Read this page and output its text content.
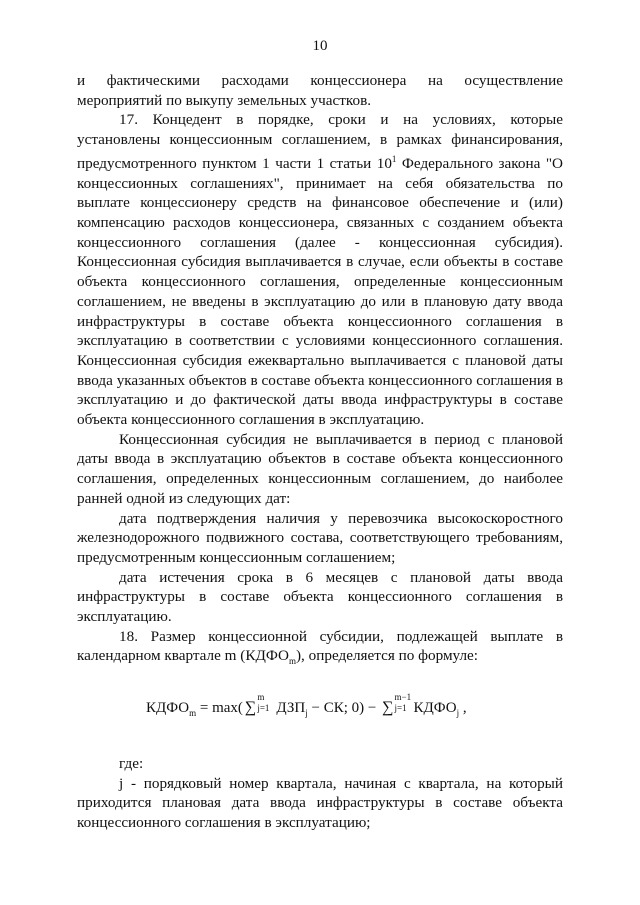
10

и фактическими расходами концессионера на осуществление мероприятий по выкупу земельных участков.

17. Концедент в порядке, сроки и на условиях, которые установлены концессионным соглашением, в рамках финансирования, предусмотренного пунктом 1 части 1 статьи $10^1$ Федерального закона "О концессионных соглашениях", принимает на себя обязательства по выплате концессионеру средств на финансовое обеспечение и (или) компенсацию расходов концессионера, связанных с созданием объекта концессионного соглашения (далее - концессионная субсидия). Концессионная субсидия выплачивается в случае, если объекты в составе объекта концессионного соглашения, определенные концессионным соглашением, не введены в эксплуатацию до или в плановую дату ввода инфраструктуры в составе объекта концессионного соглашения в эксплуатацию в соответствии с условиями концессионного соглашения. Концессионная субсидия ежеквартально выплачивается с плановой даты ввода указанных объектов в составе объекта концессионного соглашения в эксплуатацию и до фактической даты ввода инфраструктуры в составе объекта концессионного соглашения в эксплуатацию.

Концессионная субсидия не выплачивается в период с плановой даты ввода в эксплуатацию объектов в составе объекта концессионного соглашения, определенных концессионным соглашением, до наиболее ранней одной из следующих дат:

дата подтверждения наличия у перевозчика высокоскоростного железнодорожного подвижного состава, соответствующего требованиям, предусмотренным концессионным соглашением;

дата истечения срока в 6 месяцев с плановой даты ввода инфраструктуры в составе объекта концессионного соглашения в эксплуатацию.

18. Размер концессионной субсидии, подлежащей выплате в календарном квартале m $(КДФО_m)$, определяется по формуле:

$КДФО_m = \max$( ∑
m
j=1 $ДЗП_j$ − СК; 0) − ∑
m−1
j=1 $КДФО_j$ ,

где:

j - порядковый номер квартала, начиная с квартала, на который приходится плановая дата ввода инфраструктуры в составе объекта концессионного соглашения в эксплуатацию;
